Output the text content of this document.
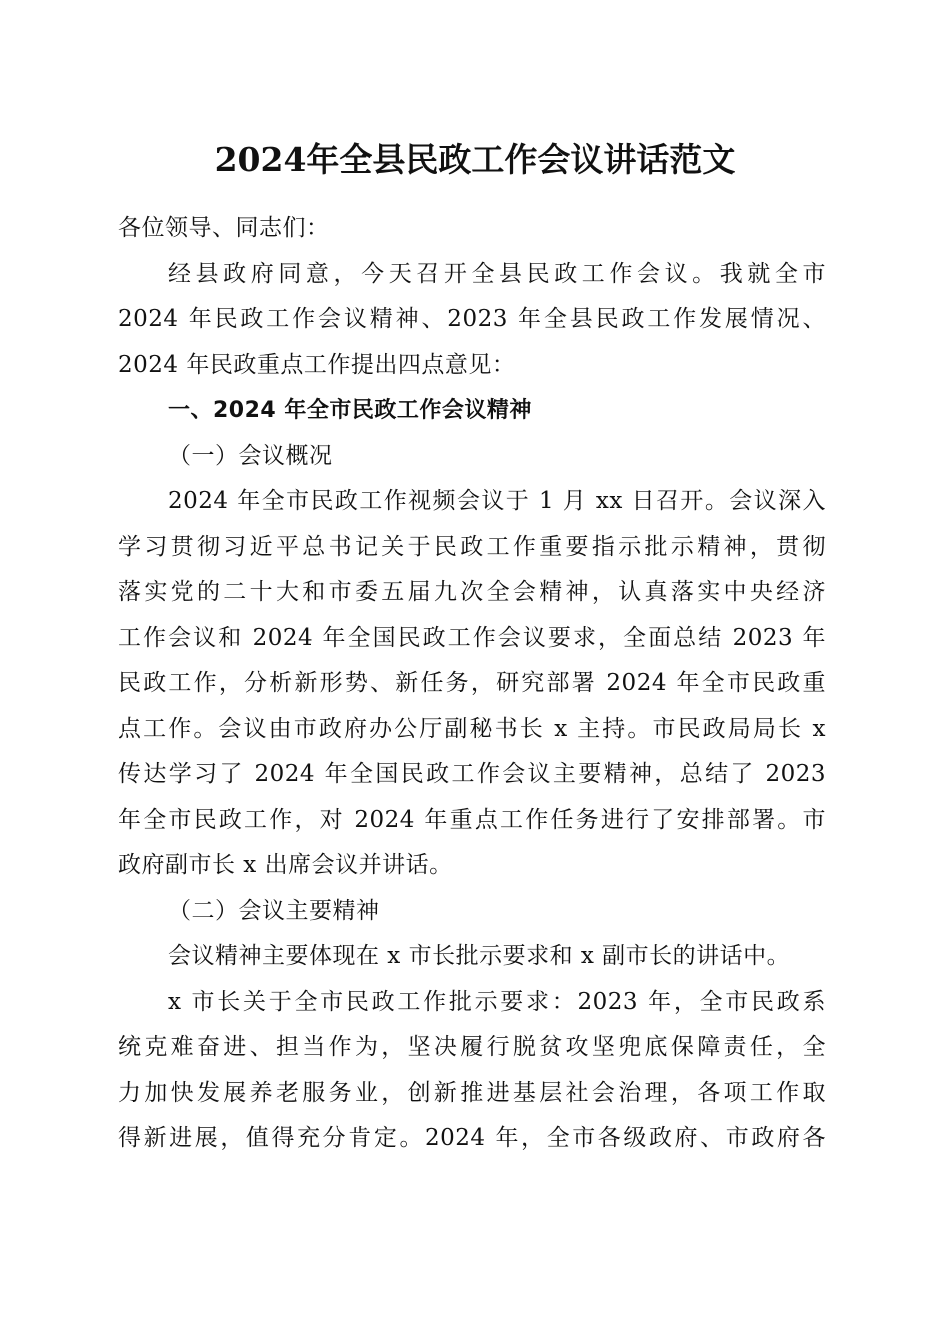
2024年全县民政工作会议讲话范文
各位领导、同志们：
经县政府同意，今天召开全县民政工作会议。我就全市
2024 年民政工作会议精神、2023 年全县民政工作发展情况、
2024 年民政重点工作提出四点意见：
一、2024 年全市民政工作会议精神
（一）会议概况
2024 年全市民政工作视频会议于 1 月 xx 日召开。会议深入
学习贯彻习近平总书记关于民政工作重要指示批示精神，贯彻
落实党的二十大和市委五届九次全会精神，认真落实中央经济
工作会议和 2024 年全国民政工作会议要求，全面总结 2023 年
民政工作，分析新形势、新任务，研究部署 2024 年全市民政重
点工作。会议由市政府办公厅副秘书长 x 主持。市民政局局长 x
传达学习了 2024 年全国民政工作会议主要精神，总结了 2023
年全市民政工作，对 2024 年重点工作任务进行了安排部署。市
政府副市长 x 出席会议并讲话。
（二）会议主要精神
会议精神主要体现在 x 市长批示要求和 x 副市长的讲话中。
x 市长关于全市民政工作批示要求：2023 年，全市民政系
统克难奋进、担当作为，坚决履行脱贫攻坚兜底保障责任，全
力加快发展养老服务业，创新推进基层社会治理，各项工作取
得新进展，值得充分肯定。2024 年，全市各级政府、市政府各
